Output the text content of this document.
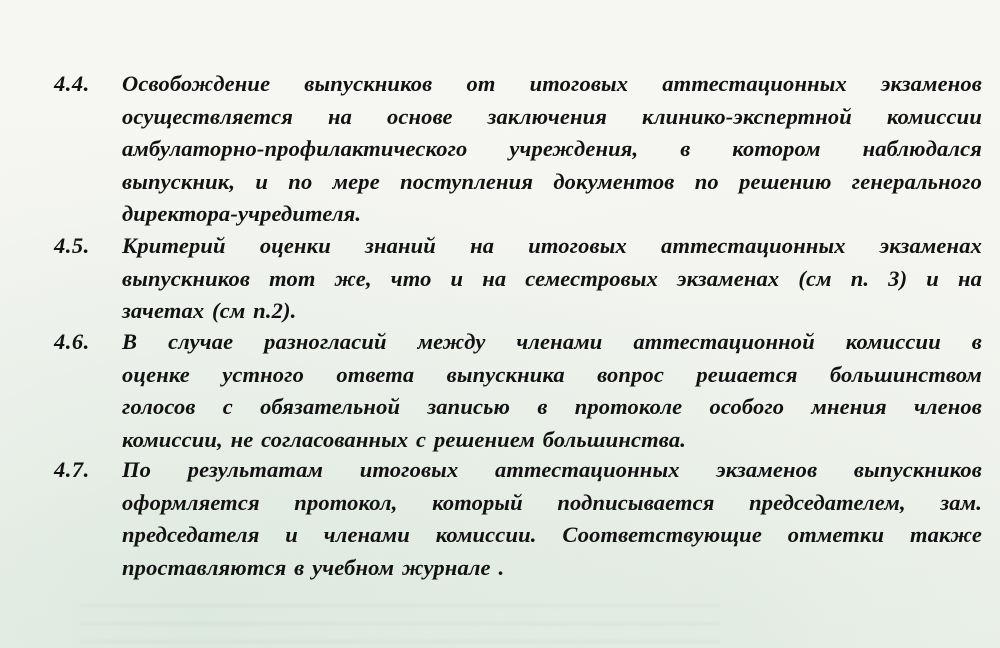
4.4. Освобождение выпускников от итоговых аттестационных экзаменов
осуществляется на основе заключения клинико-экспертной комиссии
амбулаторно-профилактического учреждения, в котором наблюдался
выпускник, и по мере поступления документов по решению генерального
директора-учредителя.
4.5. Критерий оценки знаний на итоговых аттестационных экзаменах
выпускников тот же, что и на семестровых экзаменах (см п. 3) и на
зачетах (см п.2).
4.6. В случае разногласий между членами аттестационной комиссии в
оценке устного ответа выпускника вопрос решается большинством
голосов с обязательной записью в протоколе особого мнения членов
комиссии, не согласованных с решением большинства.
4.7. По результатам итоговых аттестационных экзаменов выпускников
оформляется протокол, который подписывается председателем, зам.
председателя и членами комиссии. Соответствующие отметки также
проставляются в учебном журнале .
